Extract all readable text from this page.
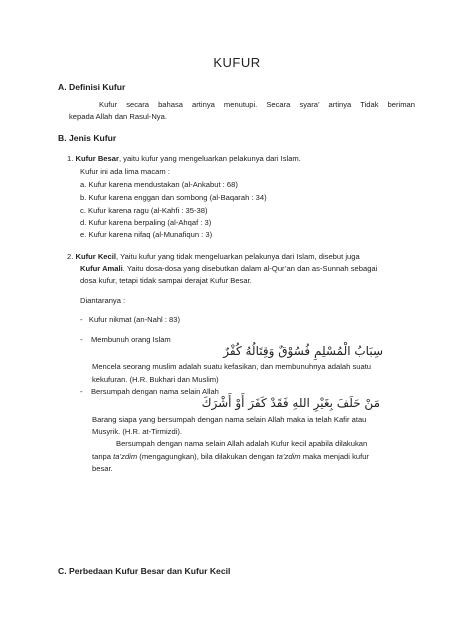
KUFUR
A. Definisi Kufur
Kufur secara bahasa artinya menutupi. Secara syara’ artinya Tidak beriman
kepada Allah dan Rasul-Nya.
B. Jenis Kufur
1. Kufur Besar, yaitu kufur yang mengeluarkan pelakunya dari Islam.
Kufur ini ada lima macam :
a. Kufur karena mendustakan (al-Ankabut : 68)
b. Kufur karena enggan dan sombong (al-Baqarah : 34)
c. Kufur karena ragu (al-Kahfi : 35-38)
d. Kufur karena berpaling (al-Ahqaf : 3)
e. Kufur karena nifaq (al-Munafiqun : 3)
2. Kufur Kecil, Yaitu kufur yang tidak mengeluarkan pelakunya dari Islam, disebut juga
Kufur Amali. Yaitu dosa-dosa yang disebutkan dalam al-Qur’an dan as-Sunnah sebagai
dosa kufur, tetapi tidak sampai derajat Kufur Besar.
Diantaranya :
- Kufur nikmat (an-Nahl : 83)
- Membunuh orang Islam
سِبَابُ الْمُسْلِمِ فُسُوْقٌ وَقِتَالُهُ كُفْرٌ
Mencela seorang muslim adalah suatu kefasikan, dan membunuhnya adalah suatu
kekufuran. (H.R. Bukhari dan Muslim)
- Bersumpah dengan nama selain Allah
مَنْ حَلَفَ بِغَيْرِ اللهِ فَقَدْ كَفَرَ أَوْ أَشْرَكَ
Barang siapa yang bersumpah dengan nama selain Allah maka ia telah Kafir atau
Musyrik. (H.R. at-Tirmizdi).
Bersumpah dengan nama selain Allah adalah Kufur kecil apabila dilakukan
tanpa ta’zdim (mengagungkan), bila dilakukan dengan ta’zdim maka menjadi kufur
besar.
C. Perbedaan Kufur Besar dan Kufur Kecil
